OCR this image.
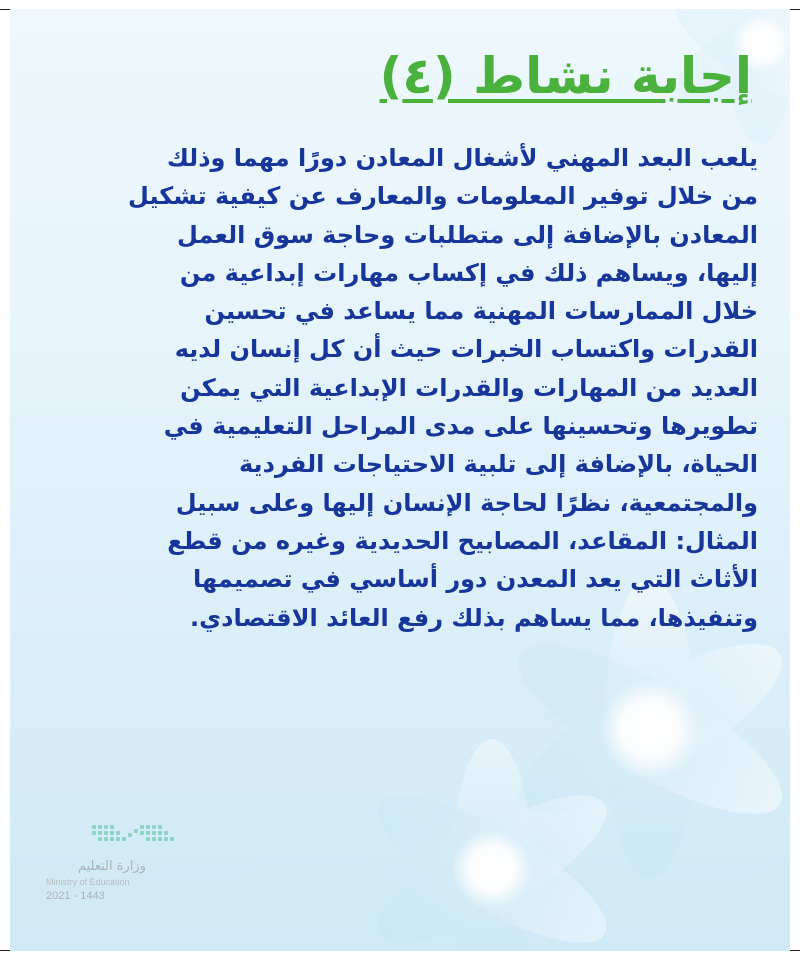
إجابة نشاط (٤)

يلعب البعد المهني لأشغال المعادن دورًا مهما وذلك من خلال توفير المعلومات والمعارف عن كيفية تشكيل المعادن بالإضافة إلى متطلبات وحاجة سوق العمل إليها، ويساهم ذلك في إكساب مهارات إبداعية من خلال الممارسات المهنية مما يساعد في تحسين القدرات واكتساب الخبرات حيث أن كل إنسان لديه العديد من المهارات والقدرات الإبداعية التي يمكن تطويرها وتحسينها على مدى المراحل التعليمية في الحياة، بالإضافة إلى تلبية الاحتياجات الفردية والمجتمعية، نظرًا لحاجة الإنسان إليها وعلى سبيل المثال: المقاعد، المصابيح الحديدية وغيره من قطع الأثاث التي يعد المعدن دور أساسي في تصميمها وتنفيذها، مما يساهم بذلك رفع العائد الاقتصادي.

وزارة التعليم
Ministry of Education
2021 - 1443
